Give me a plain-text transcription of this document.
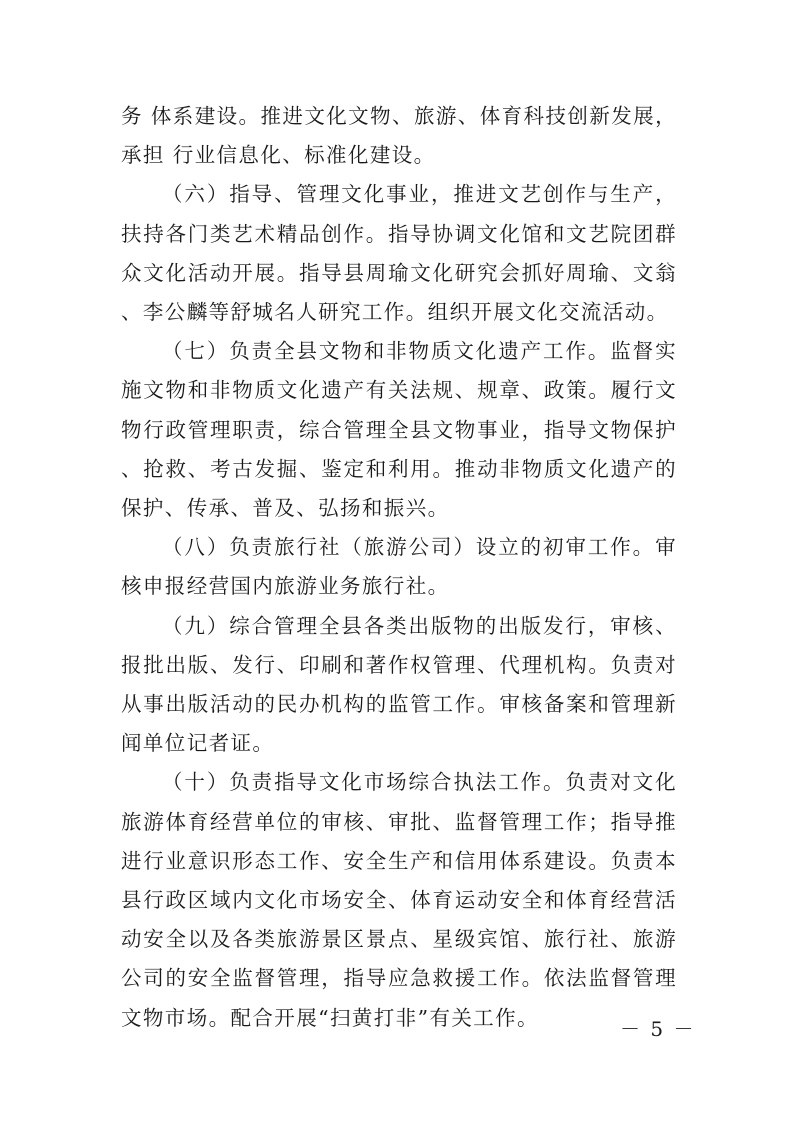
务 体系建设。推进文化文物、旅游、体育科技创新发展，承担 行业信息化、标准化建设。

（六）指导、管理文化事业，推进文艺创作与生产，扶持各门类艺术精品创作。指导协调文化馆和文艺院团群众文化活动开展。指导县周瑜文化研究会抓好周瑜、文翁、李公麟等舒城名人研究工作。组织开展文化交流活动。

（七）负责全县文物和非物质文化遗产工作。监督实施文物和非物质文化遗产有关法规、规章、政策。履行文物行政管理职责，综合管理全县文物事业，指导文物保护、抢救、考古发掘、鉴定和利用。推动非物质文化遗产的保护、传承、普及、弘扬和振兴。

（八）负责旅行社（旅游公司）设立的初审工作。审核申报经营国内旅游业务旅行社。

（九）综合管理全县各类出版物的出版发行，审核、报批出版、发行、印刷和著作权管理、代理机构。负责对从事出版活动的民办机构的监管工作。审核备案和管理新闻单位记者证。

（十）负责指导文化市场综合执法工作。负责对文化旅游体育经营单位的审核、审批、监督管理工作；指导推进行业意识形态工作、安全生产和信用体系建设。负责本县行政区域内文化市场安全、体育运动安全和体育经营活动安全以及各类旅游景区景点、星级宾馆、旅行社、旅游公司的安全监督管理，指导应急救援工作。依法监督管理文物市场。配合开展“扫黄打非”有关工作。	－ 5 －
